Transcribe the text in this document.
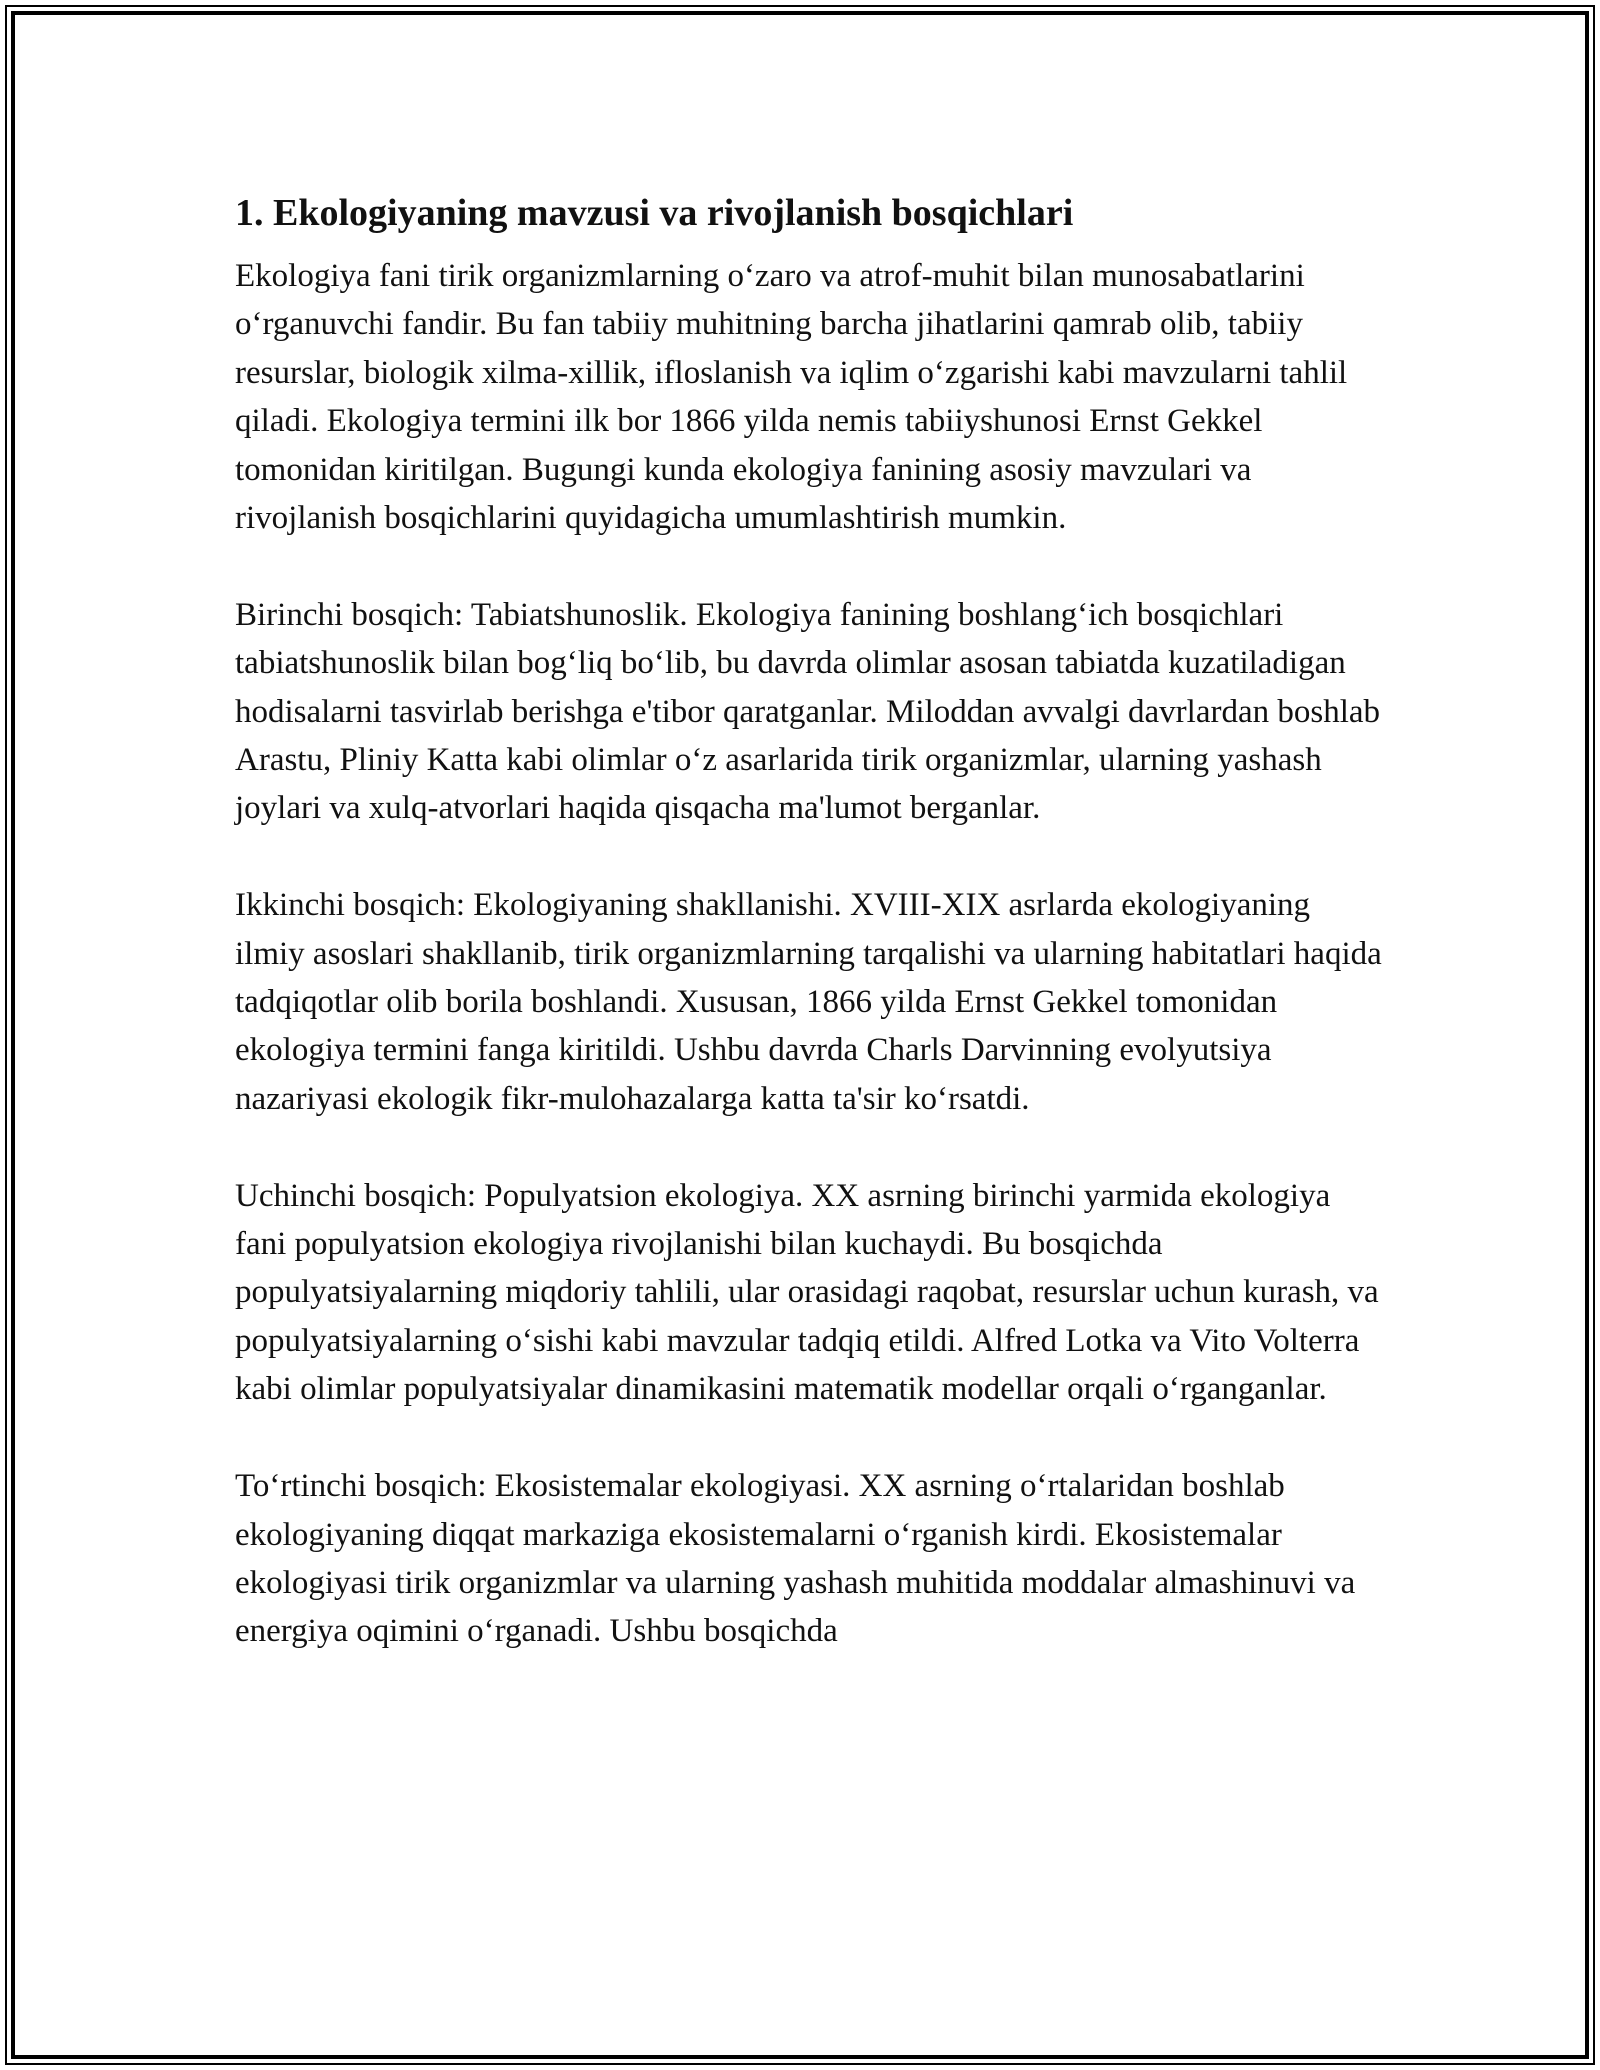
1. Ekologiyaning mavzusi va rivojlanish bosqichlari

Ekologiya fani tirik organizmlarning o‘zaro va atrof-muhit bilan munosabatlarini o‘rganuvchi fandir. Bu fan tabiiy muhitning barcha jihatlarini qamrab olib, tabiiy resurslar, biologik xilma-xillik, ifloslanish va iqlim o‘zgarishi kabi mavzularni tahlil qiladi. Ekologiya termini ilk bor 1866 yilda nemis tabiiyshunosi Ernst Gekkel tomonidan kiritilgan. Bugungi kunda ekologiya fanining asosiy mavzulari va rivojlanish bosqichlarini quyidagicha umumlashtirish mumkin.

Birinchi bosqich: Tabiatshunoslik. Ekologiya fanining boshlang‘ich bosqichlari tabiatshunoslik bilan bog‘liq bo‘lib, bu davrda olimlar asosan tabiatda kuzatiladigan hodisalarni tasvirlab berishga e'tibor qaratganlar. Miloddan avvalgi davrlardan boshlab Arastu, Pliniy Katta kabi olimlar o‘z asarlarida tirik organizmlar, ularning yashash joylari va xulq-atvorlari haqida qisqacha ma'lumot berganlar.

Ikkinchi bosqich: Ekologiyaning shakllanishi. XVIII-XIX asrlarda ekologiyaning ilmiy asoslari shakllanib, tirik organizmlarning tarqalishi va ularning habitatlari haqida tadqiqotlar olib borila boshlandi. Xususan, 1866 yilda Ernst Gekkel tomonidan ekologiya termini fanga kiritildi. Ushbu davrda Charls Darvinning evolyutsiya nazariyasi ekologik fikr-mulohazalarga katta ta'sir ko‘rsatdi.

Uchinchi bosqich: Populyatsion ekologiya. XX asrning birinchi yarmida ekologiya fani populyatsion ekologiya rivojlanishi bilan kuchaydi. Bu bosqichda populyatsiyalarning miqdoriy tahlili, ular orasidagi raqobat, resurslar uchun kurash, va populyatsiyalarning o‘sishi kabi mavzular tadqiq etildi. Alfred Lotka va Vito Volterra kabi olimlar populyatsiyalar dinamikasini matematik modellar orqali o‘rganganlar.

To‘rtinchi bosqich: Ekosistemalar ekologiyasi. XX asrning o‘rtalaridan boshlab ekologiyaning diqqat markaziga ekosistemalarni o‘rganish kirdi. Ekosistemalar ekologiyasi tirik organizmlar va ularning yashash muhitida moddalar almashinuvi va energiya oqimini o‘rganadi. Ushbu bosqichda
